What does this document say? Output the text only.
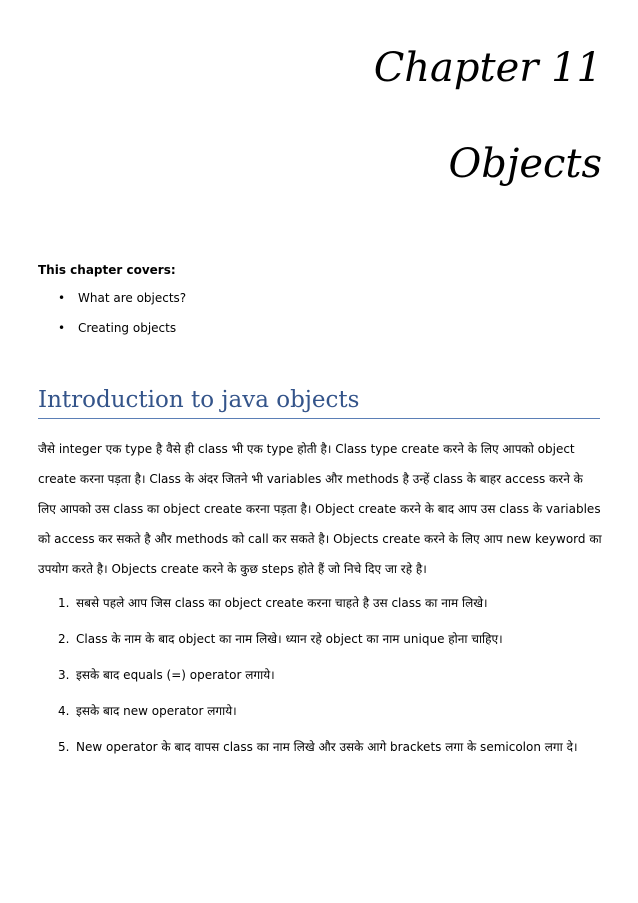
Chapter 11
Objects
This chapter covers:
• What are objects?
• Creating objects
Introduction to java objects

जैसे integer एक type है वैसे ही class भी एक type होती है। Class type create करने के लिए आपको object create करना पड़ता है। Class के अंदर जितने भी variables और methods है उन्हें class के बाहर access करने के लिए आपको उस class का object create करना पड़ता है। Object create करने के बाद आप उस class के variables को access कर सकते है और methods को call कर सकते है। Objects create करने के लिए आप new keyword का उपयोग करते है। Objects create करने के कुछ steps होते हैं जो निचे दिए जा रहे है।

1. सबसे पहले आप जिस class का object create करना चाहते है उस class का नाम लिखे।
2. Class के नाम के बाद object का नाम लिखे। ध्यान रहे object का नाम unique होना चाहिए।
3. इसके बाद equals (=) operator लगाये।
4. इसके बाद new operator लगाये।
5. New operator के बाद वापस class का नाम लिखे और उसके आगे brackets लगा के semicolon लगा दे।
